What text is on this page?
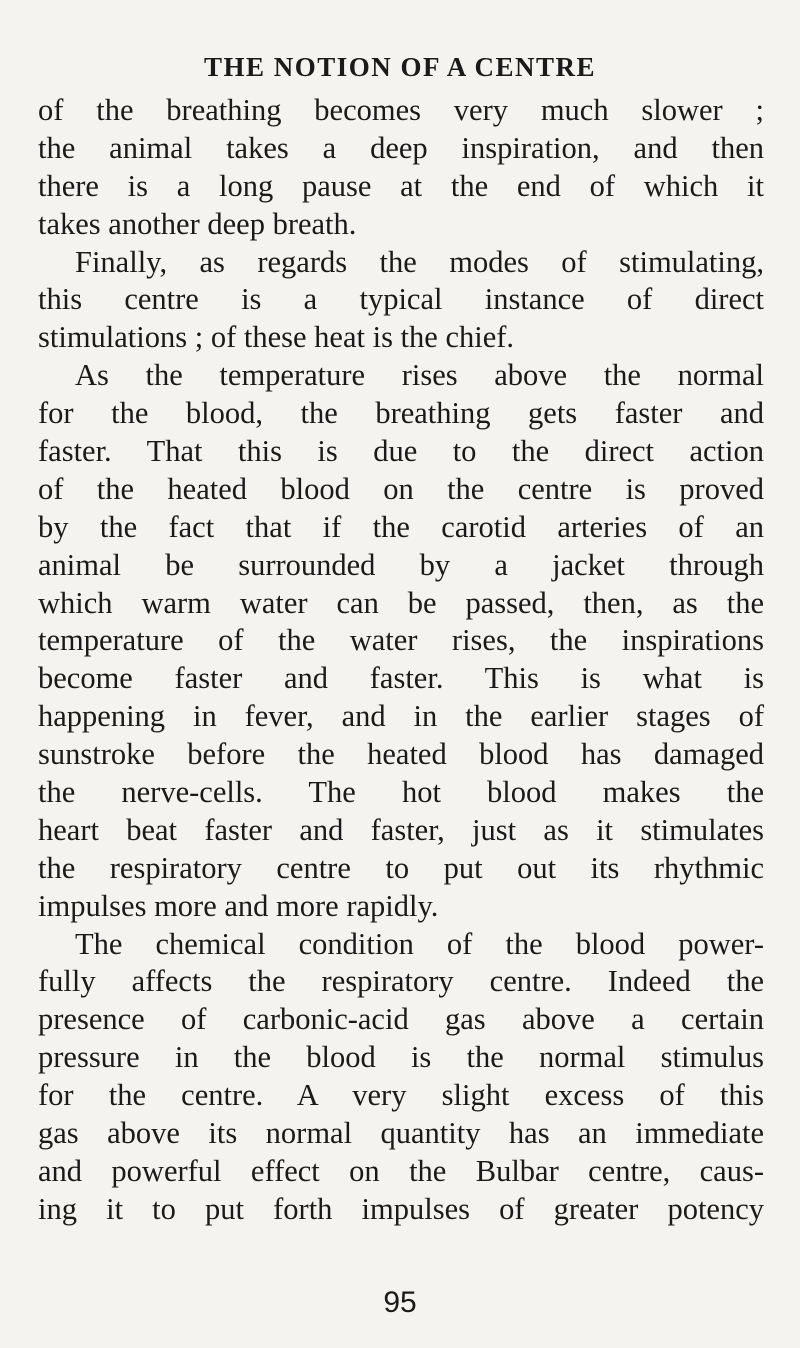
THE NOTION OF A CENTRE
of the breathing becomes very much slower ;
the animal takes a deep inspiration, and then
there is a long pause at the end of which it
takes another deep breath.
Finally, as regards the modes of stimulating,
this centre is a typical instance of direct
stimulations ; of these heat is the chief.
As the temperature rises above the normal
for the blood, the breathing gets faster and
faster. That this is due to the direct action
of the heated blood on the centre is proved
by the fact that if the carotid arteries of an
animal be surrounded by a jacket through
which warm water can be passed, then, as the
temperature of the water rises, the inspirations
become faster and faster. This is what is
happening in fever, and in the earlier stages of
sunstroke before the heated blood has damaged
the nerve-cells. The hot blood makes the
heart beat faster and faster, just as it stimulates
the respiratory centre to put out its rhythmic
impulses more and more rapidly.
The chemical condition of the blood power-
fully affects the respiratory centre. Indeed the
presence of carbonic-acid gas above a certain
pressure in the blood is the normal stimulus
for the centre. A very slight excess of this
gas above its normal quantity has an immediate
and powerful effect on the Bulbar centre, caus-
ing it to put forth impulses of greater potency
95
